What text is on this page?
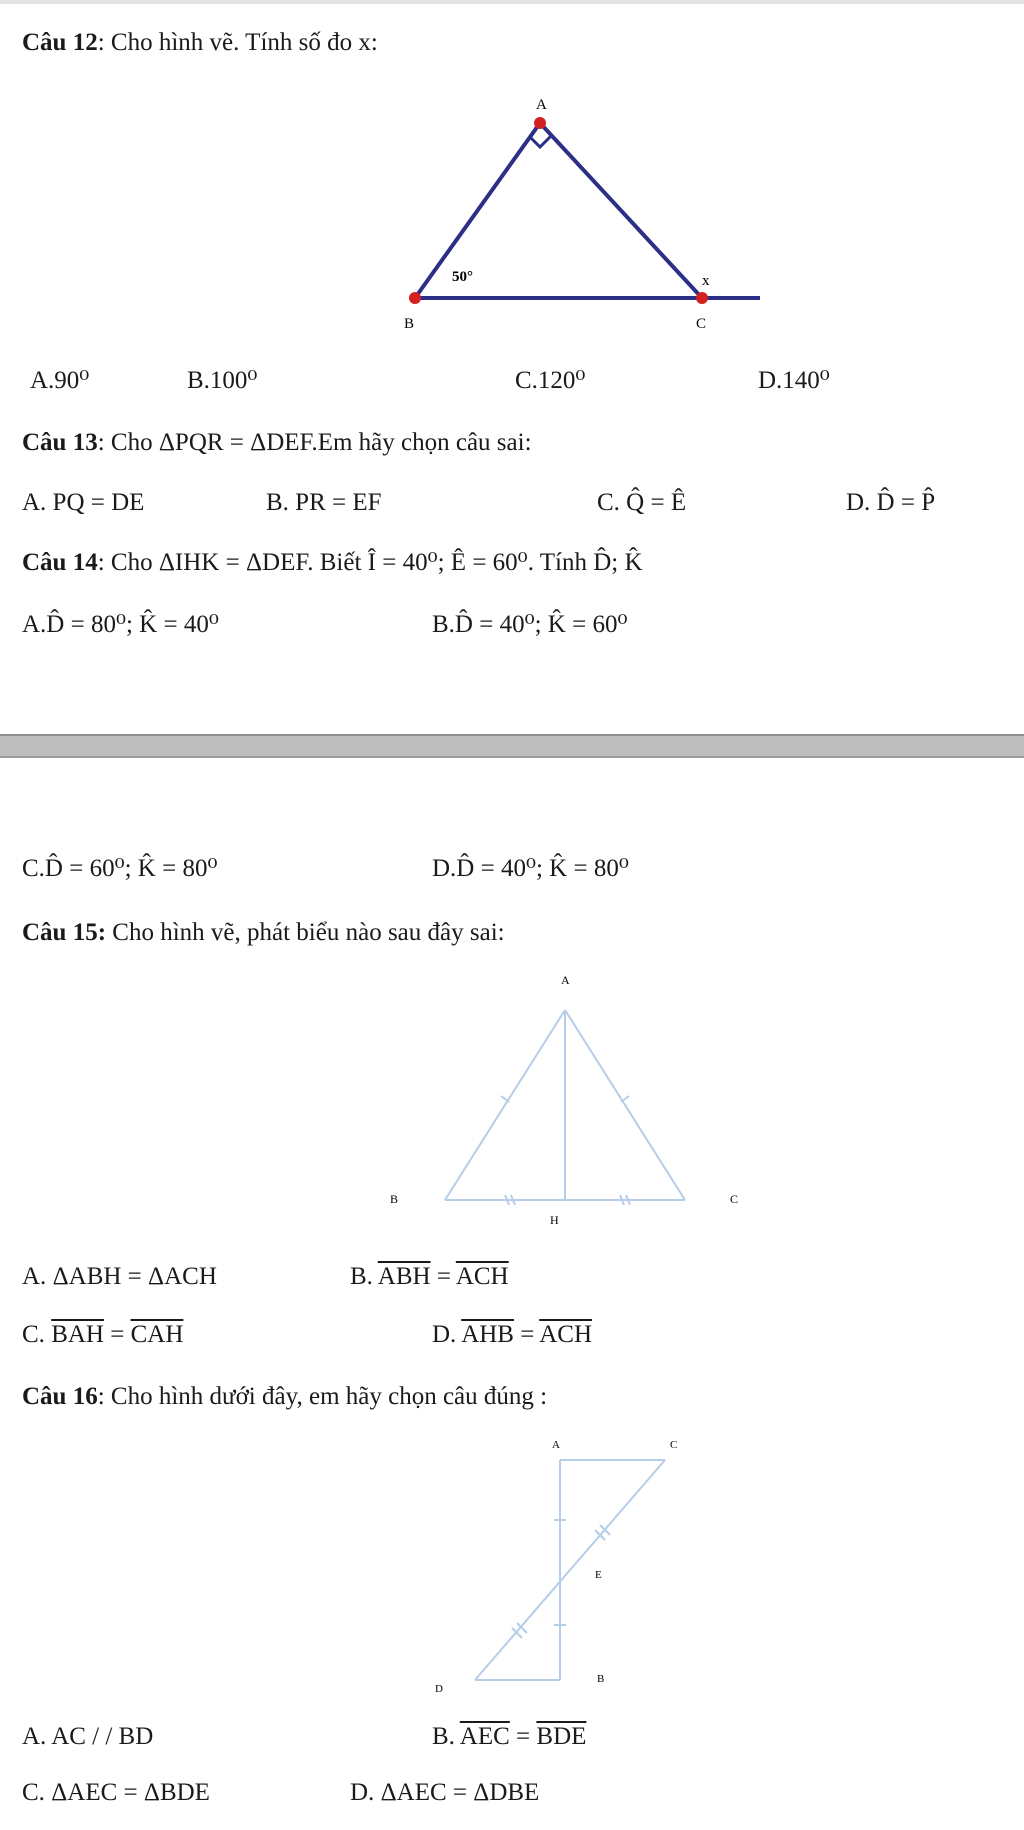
Câu 12: Cho hình vẽ. Tính số đo x:
A
B	C
50°	x
A.90⁰	B.100⁰	C.120⁰	D.140⁰
Câu 13: Cho ΔPQR = ΔDEF.Em hãy chọn câu sai:
A. PQ = DE	B. PR = EF	C. Q̂ = Ê	D. D̂ = P̂
Câu 14: Cho ΔIHK = ΔDEF. Biết Î = 40⁰; Ê = 60⁰. Tính D̂; K̂
A.D̂ = 80⁰; K̂ = 40⁰	B.D̂ = 40⁰; K̂ = 60⁰
C.D̂ = 60⁰; K̂ = 80⁰	D.D̂ = 40⁰; K̂ = 80⁰
Câu 15: Cho hình vẽ, phát biểu nào sau đây sai:
A
B	C
H
A. ΔABH = ΔACH	B. $\overline{ABH} = \overline{ACH}$
C. $\overline{BAH} = \overline{CAH}$	D. $\overline{AHB} = \overline{ACH}$
Câu 16: Cho hình dưới đây, em hãy chọn câu đúng :
A	C
E
D
B
A. AC / / BD	B. $\overline{AEC} = \overline{BDE}$
C. ΔAEC = ΔBDE	D. ΔAEC = ΔDBE
